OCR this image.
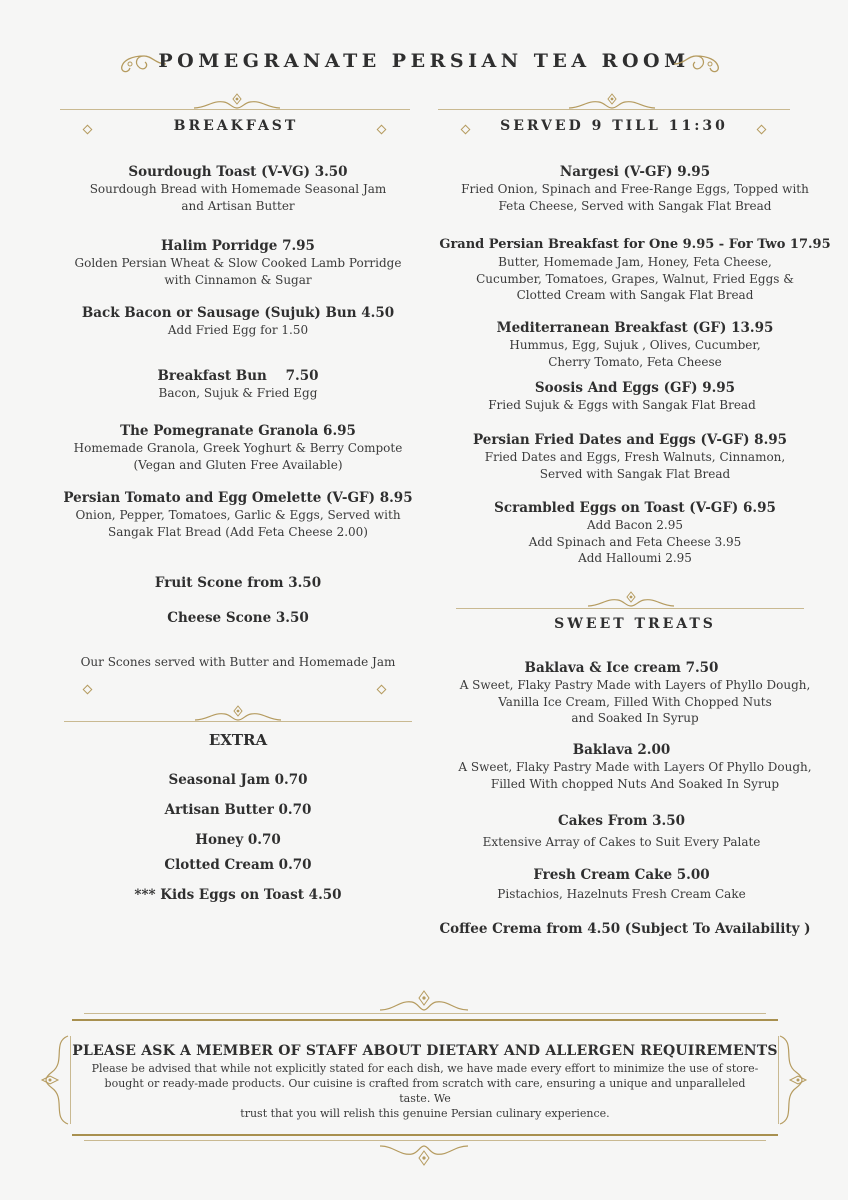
POMEGRANATE PERSIAN TEA ROOM
BREAKFAST	SERVED 9 TILL 11:30
Sourdough Toast (V-VG) 3.50
Sourdough Bread with Homemade Seasonal Jam
and Artisan Butter
Halim Porridge 7.95
Golden Persian Wheat & Slow Cooked Lamb Porridge
with Cinnamon & Sugar
Back Bacon or Sausage (Sujuk) Bun 4.50
Add Fried Egg for 1.50
Breakfast Bun    7.50
Bacon, Sujuk & Fried Egg
The Pomegranate Granola 6.95
Homemade Granola, Greek Yoghurt & Berry Compote
(Vegan and Gluten Free Available)
Persian Tomato and Egg Omelette (V-GF) 8.95
Onion, Pepper, Tomatoes, Garlic & Eggs, Served with
Sangak Flat Bread (Add Feta Cheese 2.00)
Fruit Scone from 3.50
Cheese Scone 3.50
Our Scones served with Butter and Homemade Jam
EXTRA
Seasonal Jam 0.70
Artisan Butter 0.70
Honey 0.70
Clotted Cream 0.70
*** Kids Eggs on Toast 4.50
Nargesi (V-GF) 9.95
Fried Onion, Spinach and Free-Range Eggs, Topped with
Feta Cheese, Served with Sangak Flat Bread
Grand Persian Breakfast for One 9.95 - For Two 17.95
Butter, Homemade Jam, Honey, Feta Cheese,
Cucumber, Tomatoes, Grapes, Walnut, Fried Eggs &
Clotted Cream with Sangak Flat Bread
Mediterranean Breakfast (GF) 13.95
Hummus, Egg, Sujuk , Olives, Cucumber,
Cherry Tomato, Feta Cheese
Soosis And Eggs (GF) 9.95
Fried Sujuk & Eggs with Sangak Flat Bread
Persian Fried Dates and Eggs (V-GF) 8.95
Fried Dates and Eggs, Fresh Walnuts, Cinnamon,
Served with Sangak Flat Bread
Scrambled Eggs on Toast (V-GF) 6.95
Add Bacon 2.95
Add Spinach and Feta Cheese 3.95
Add Halloumi 2.95
SWEET TREATS
Baklava & Ice cream 7.50
A Sweet, Flaky Pastry Made with Layers of Phyllo Dough,
Vanilla Ice Cream, Filled With Chopped Nuts
and Soaked In Syrup
Baklava 2.00
A Sweet, Flaky Pastry Made with Layers Of Phyllo Dough,
Filled With chopped Nuts And Soaked In Syrup
Cakes From 3.50
Extensive Array of Cakes to Suit Every Palate
Fresh Cream Cake 5.00
Pistachios, Hazelnuts Fresh Cream Cake
Coffee Crema from 4.50 (Subject To Availability )
PLEASE ASK A MEMBER OF STAFF ABOUT DIETARY AND ALLERGEN REQUIREMENTS
Please be advised that while not explicitly stated for each dish, we have made every effort to minimize the use of store-
bought or ready-made products. Our cuisine is crafted from scratch with care, ensuring a unique and unparalleled taste. We
trust that you will relish this genuine Persian culinary experience.
